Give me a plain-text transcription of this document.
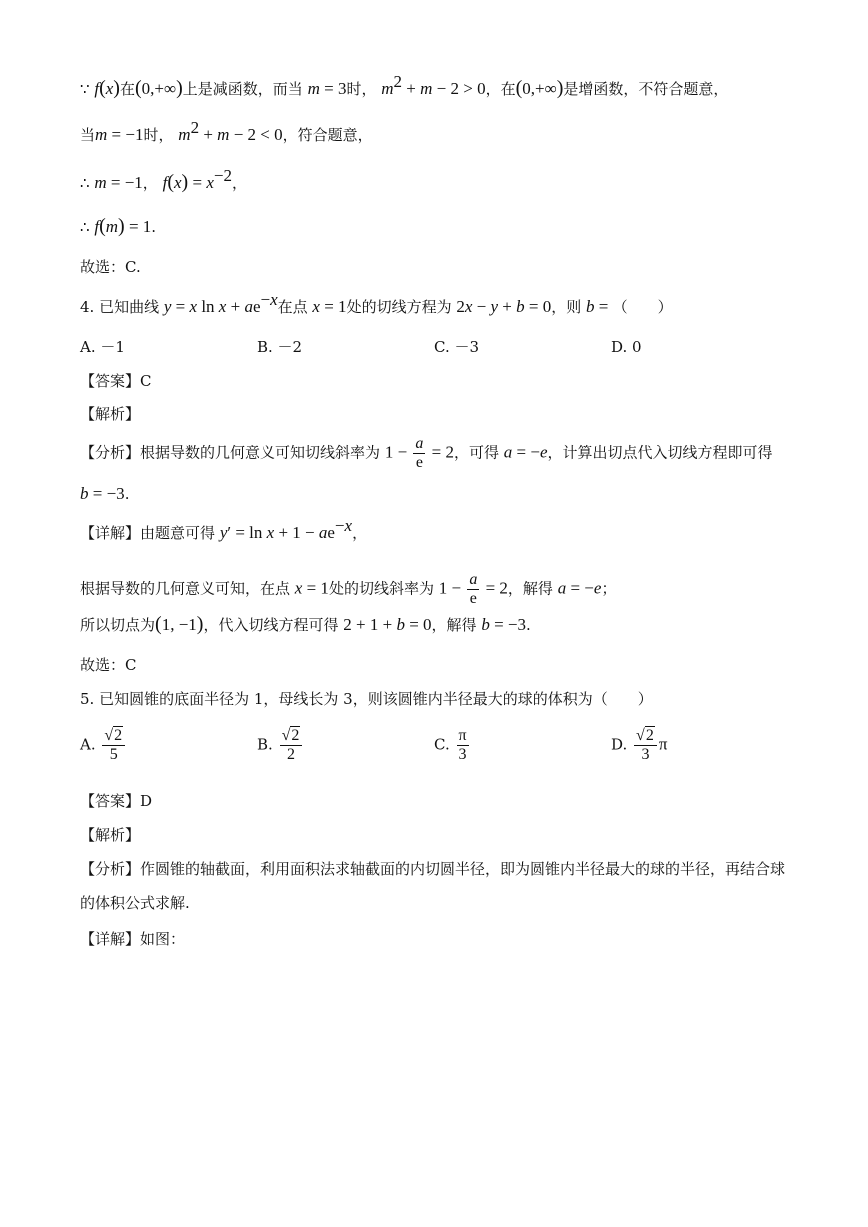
∵ f(x)在(0,+∞)上是减函数，而当 m = 3时， $m^2 + m - 2 > 0$，在(0,+∞)是增函数，不符合题意，
当m = −1时， $m^2 + m - 2 < 0$，符合题意，
∴ m = −1， $f(x) = x^{-2}$，
∴ f(m) = 1.
故选：C.
4. 已知曲线 y = x $\ln x + ae^{-x}$在点 x = 1处的切线方程为 2x − y + b = 0，则 b = （　　）
A. －1	B. －2	C. －3	D. 0
【答案】C
【解析】
【分析】根据导数的几何意义可知切线斜率为 $1 - \frac{a}{e} = 2$，可得 a = −e，计算出切点代入切线方程即可得
b = −3.
【详解】由题意可得 $y' = \ln x + 1 - ae^{-x}$，
根据导数的几何意义可知，在点 x = 1处的切线斜率为 $1 - \frac{a}{e} = 2$，解得 a = −e；
所以切点为(1, −1)，代入切线方程可得 2 + 1 + b = 0，解得 b = −3.
故选：C
5. 已知圆锥的底面半径为 1，母线长为 3，则该圆锥内半径最大的球的体积为（　　）
A. $\frac{√2}{5}$	B. $\frac{√2}{2}$	C. $\frac{\pi}{3}$	D. $\frac{√2}{3}$ π
【答案】D
【解析】
【分析】作圆锥的轴截面，利用面积法求轴截面的内切圆半径，即为圆锥内半径最大的球的半径，再结合球
的体积公式求解.
【详解】如图：
